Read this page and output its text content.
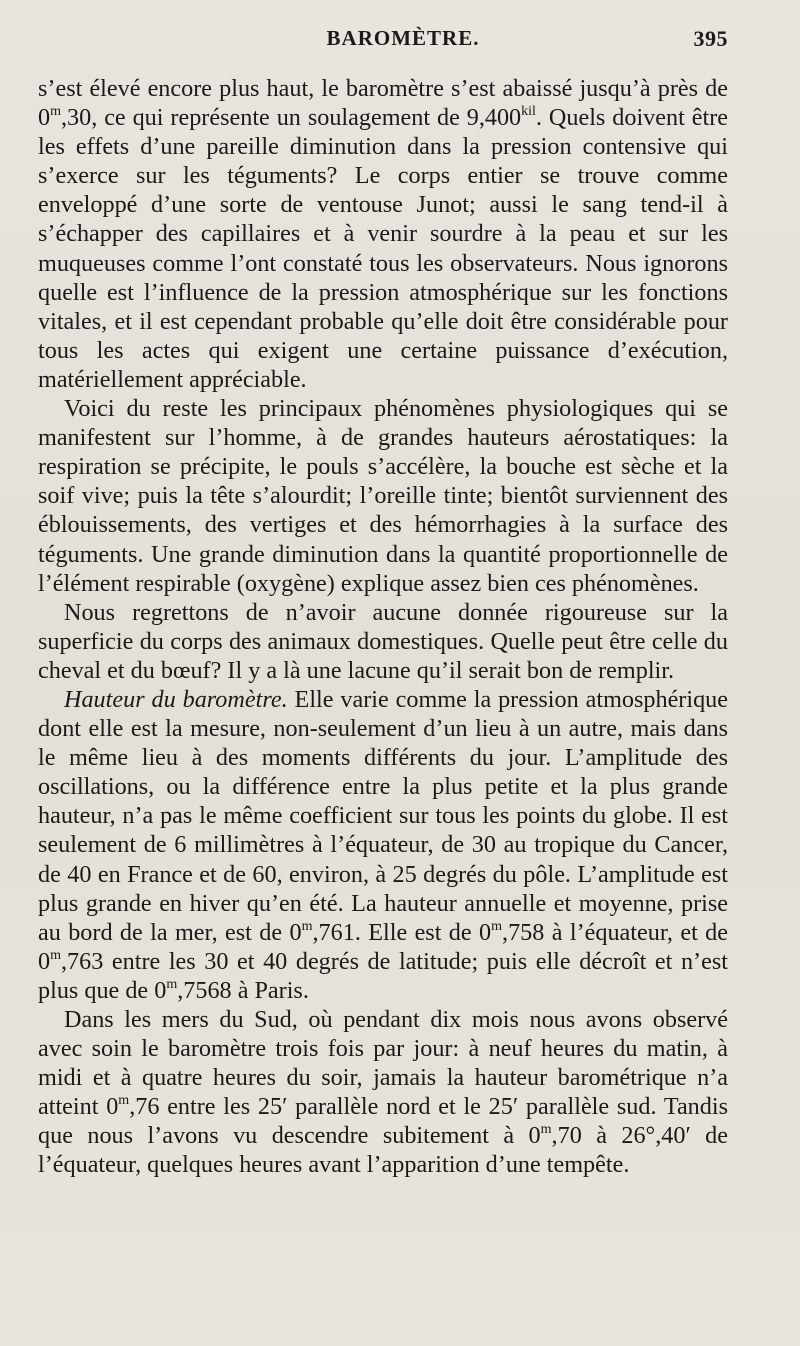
BAROMÈTRE.	395

s’est élevé encore plus haut, le baromètre s’est abaissé jusqu’à près de 0$^m$,30, ce qui représente un soulagement de $9,400^{kil}$. Quels doivent être les effets d’une pareille diminution dans la pression contensive qui s’exerce sur les téguments? Le corps entier se trouve comme enveloppé d’une sorte de ventouse Junot; aussi le sang tend-il à s’échapper des capillaires et à venir sourdre à la peau et sur les muqueuses comme l’ont constaté tous les observateurs. Nous ignorons quelle est l’influence de la pression atmosphérique sur les fonctions vitales, et il est cependant probable qu’elle doit être considérable pour tous les actes qui exigent une certaine puissance d’exécution, matériellement appréciable.

Voici du reste les principaux phénomènes physiologiques qui se manifestent sur l’homme, à de grandes hauteurs aérostatiques: la respiration se précipite, le pouls s’accélère, la bouche est sèche et la soif vive; puis la tête s’alourdit; l’oreille tinte; bientôt surviennent des éblouissements, des vertiges et des hémorrhagies à la surface des téguments. Une grande diminution dans la quantité proportionnelle de l’élément respirable (oxygène) explique assez bien ces phénomènes.

Nous regrettons de n’avoir aucune donnée rigoureuse sur la superficie du corps des animaux domestiques. Quelle peut être celle du cheval et du bœuf? Il y a là une lacune qu’il serait bon de remplir.

Hauteur du baromètre. Elle varie comme la pression atmosphérique dont elle est la mesure, non-seulement d’un lieu à un autre, mais dans le même lieu à des moments différents du jour. L’amplitude des oscillations, ou la différence entre la plus petite et la plus grande hauteur, n’a pas le même coefficient sur tous les points du globe. Il est seulement de 6 millimètres à l’équateur, de 30 au tropique du Cancer, de 40 en France et de 60, environ, à 25 degrés du pôle. L’amplitude est plus grande en hiver qu’en été. La hauteur annuelle et moyenne, prise au bord de la mer, est de 0$^m$,761. Elle est de 0$^m$,758 à l’équateur, et de 0$^m$,763 entre les 30 et 40 degrés de latitude; puis elle décroît et n’est plus que de 0$^m$,7568 à Paris.

Dans les mers du Sud, où pendant dix mois nous avons observé avec soin le baromètre trois fois par jour: à neuf heures du matin, à midi et à quatre heures du soir, jamais la hauteur barométrique n’a atteint 0$^m$,76 entre les 25′ parallèle nord et le 25′ parallèle sud. Tandis que nous l’avons vu descendre subitement à 0$^m$,70 à 26°,40′ de l’équateur, quelques heures avant l’apparition d’une tempête.
